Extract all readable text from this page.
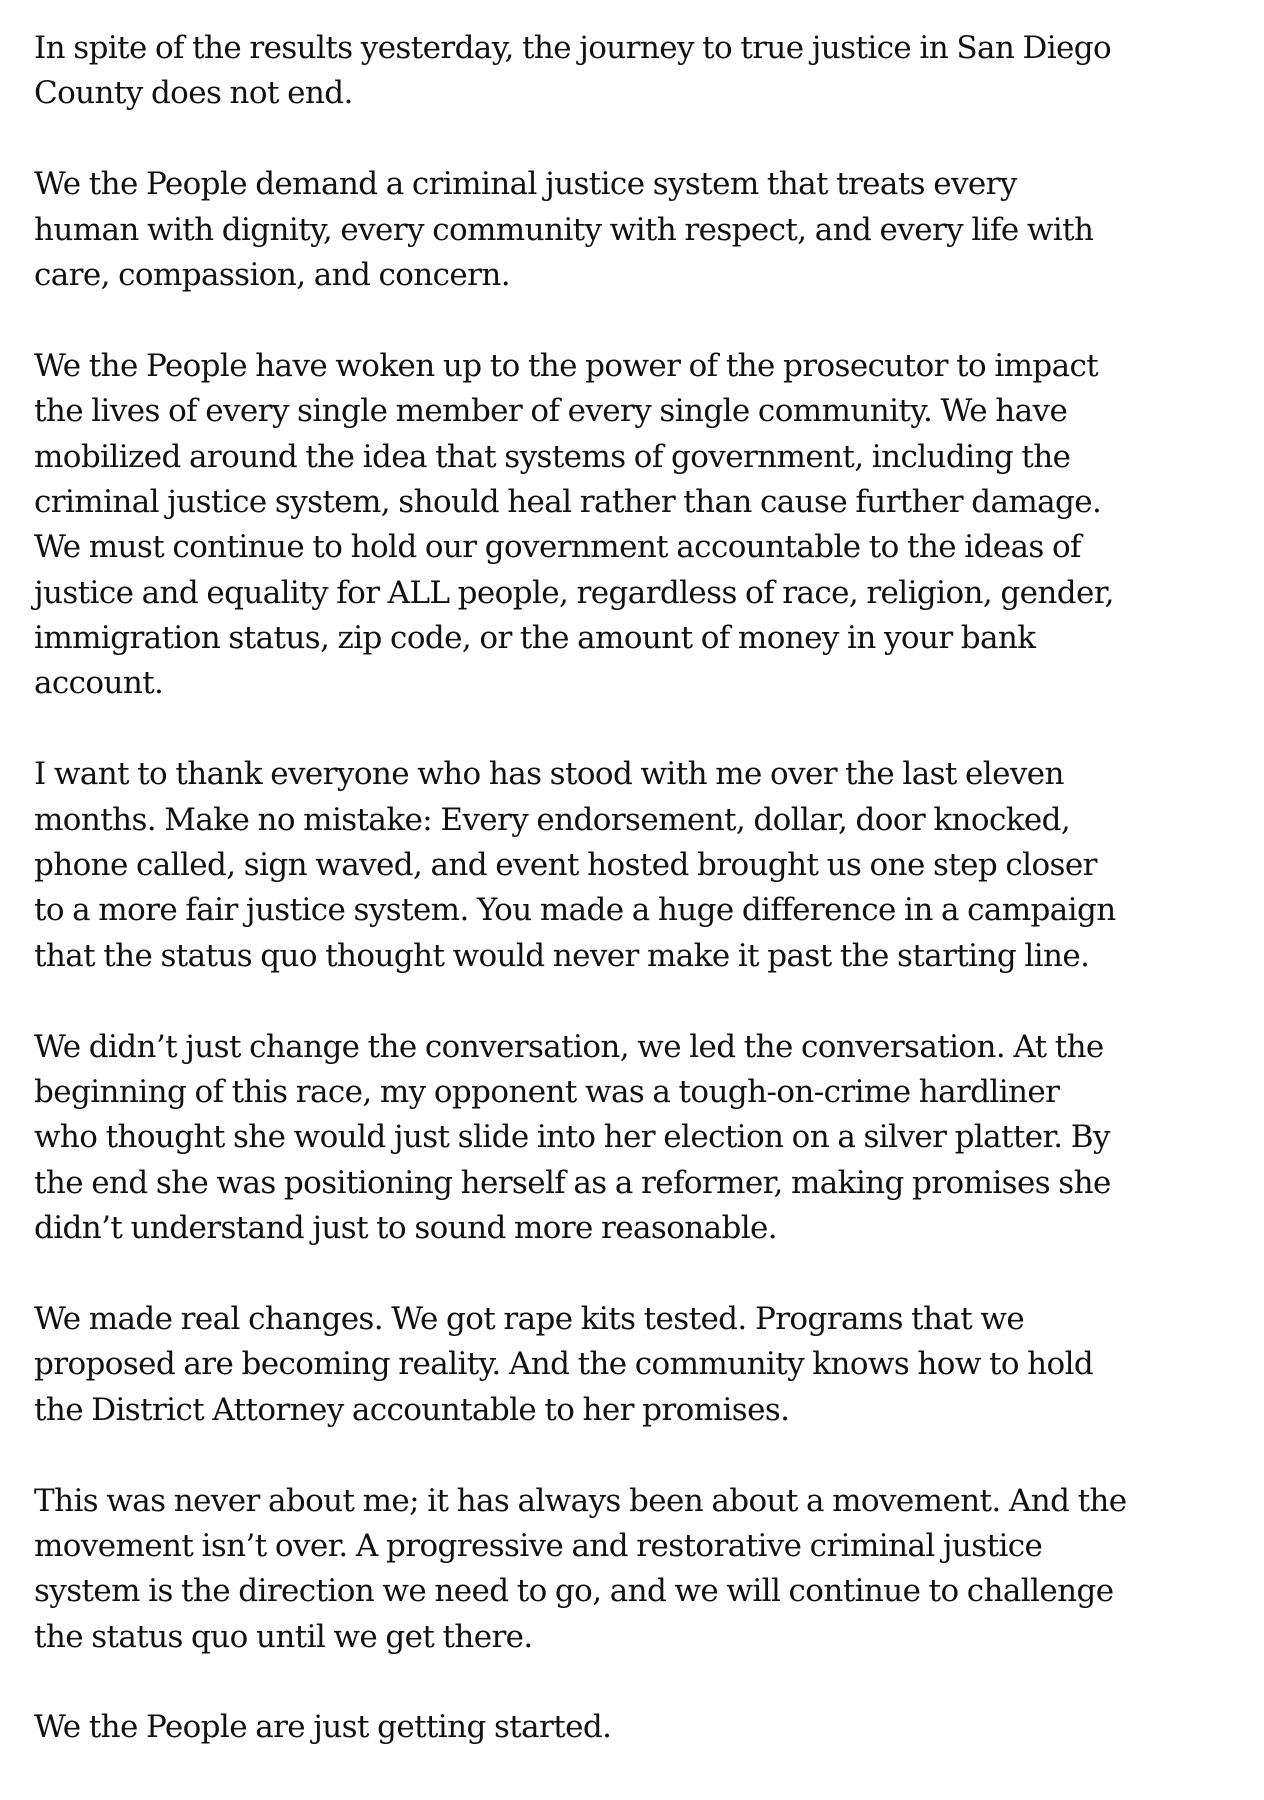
In spite of the results yesterday, the journey to true justice in San Diego
County does not end.
We the People demand a criminal justice system that treats every
human with dignity, every community with respect, and every life with
care, compassion, and concern.
We the People have woken up to the power of the prosecutor to impact
the lives of every single member of every single community. We have
mobilized around the idea that systems of government, including the
criminal justice system, should heal rather than cause further damage.
We must continue to hold our government accountable to the ideas of
justice and equality for ALL people, regardless of race, religion, gender,
immigration status, zip code, or the amount of money in your bank
account.
I want to thank everyone who has stood with me over the last eleven
months. Make no mistake: Every endorsement, dollar, door knocked,
phone called, sign waved, and event hosted brought us one step closer
to a more fair justice system. You made a huge difference in a campaign
that the status quo thought would never make it past the starting line.
We didn’t just change the conversation, we led the conversation. At the
beginning of this race, my opponent was a tough-on-crime hardliner
who thought she would just slide into her election on a silver platter. By
the end she was positioning herself as a reformer, making promises she
didn’t understand just to sound more reasonable.
We made real changes. We got rape kits tested. Programs that we
proposed are becoming reality. And the community knows how to hold
the District Attorney accountable to her promises.
This was never about me; it has always been about a movement. And the
movement isn’t over. A progressive and restorative criminal justice
system is the direction we need to go, and we will continue to challenge
the status quo until we get there.
We the People are just getting started.
